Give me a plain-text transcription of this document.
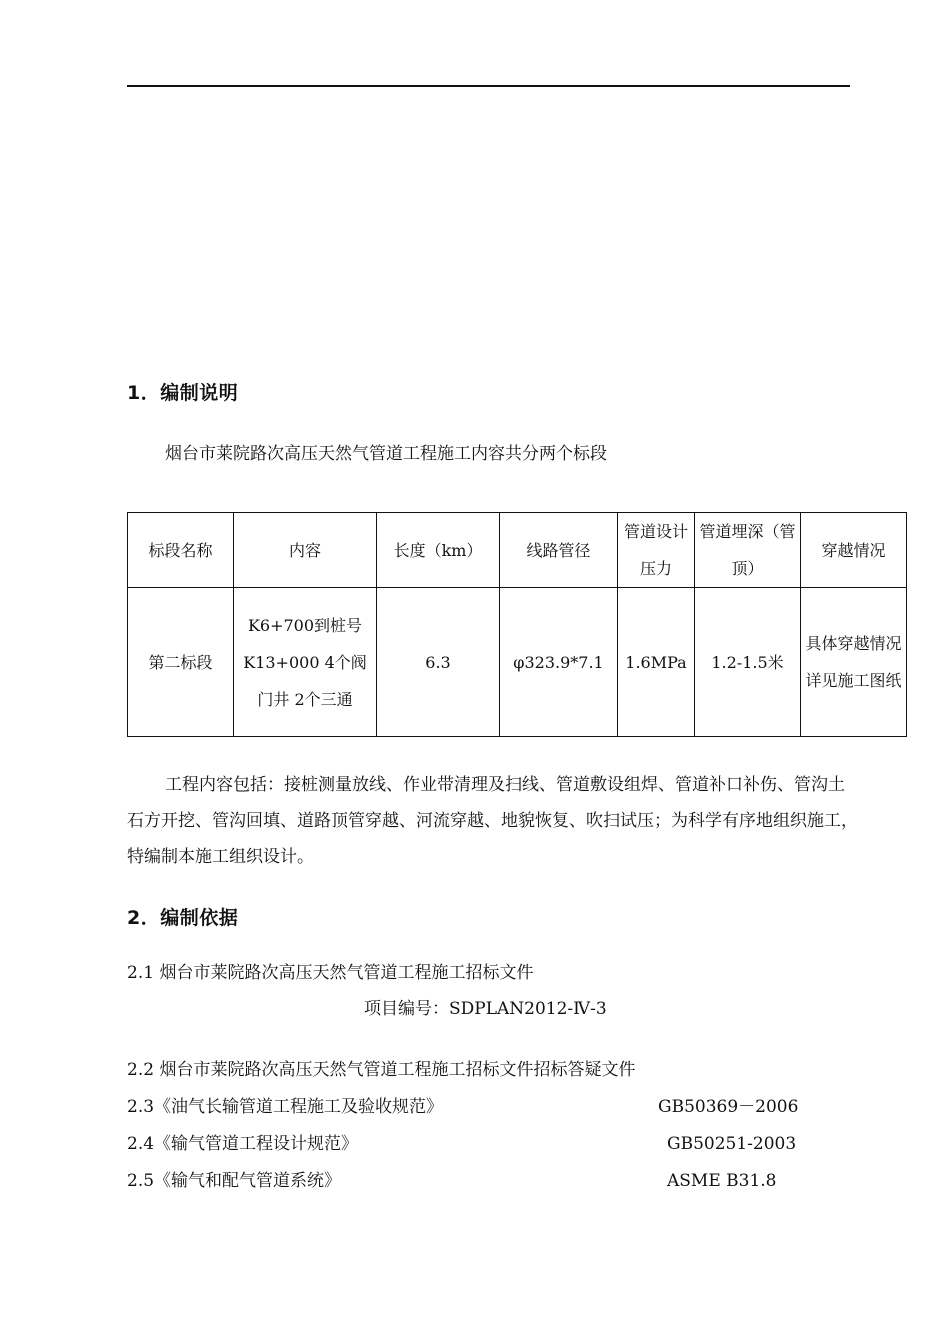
1．编制说明
烟台市莱院路次高压天然气管道工程施工内容共分两个标段
标段名称	内容	长度（km）	线路管径	管道设计压力	管道埋深（管顶）	穿越情况
第二标段	K6+700到桩号K13+000 4个阀门井 2个三通	6.3	φ323.9*7.1	1.6MPa	1.2-1.5米	具体穿越情况详见施工图纸
工程内容包括：接桩测量放线、作业带清理及扫线、管道敷设组焊、管道补口补伤、管沟土石方开挖、管沟回填、道路顶管穿越、河流穿越、地貌恢复、吹扫试压；为科学有序地组织施工，特编制本施工组织设计。
2．编制依据
2.1 烟台市莱院路次高压天然气管道工程施工招标文件
项目编号：SDPLAN2012-Ⅳ-3
2.2 烟台市莱院路次高压天然气管道工程施工招标文件招标答疑文件
2.3《油气长输管道工程施工及验收规范》	GB50369－2006
2.4《输气管道工程设计规范》	GB50251-2003
2.5《输气和配气管道系统》	ASME B31.8
